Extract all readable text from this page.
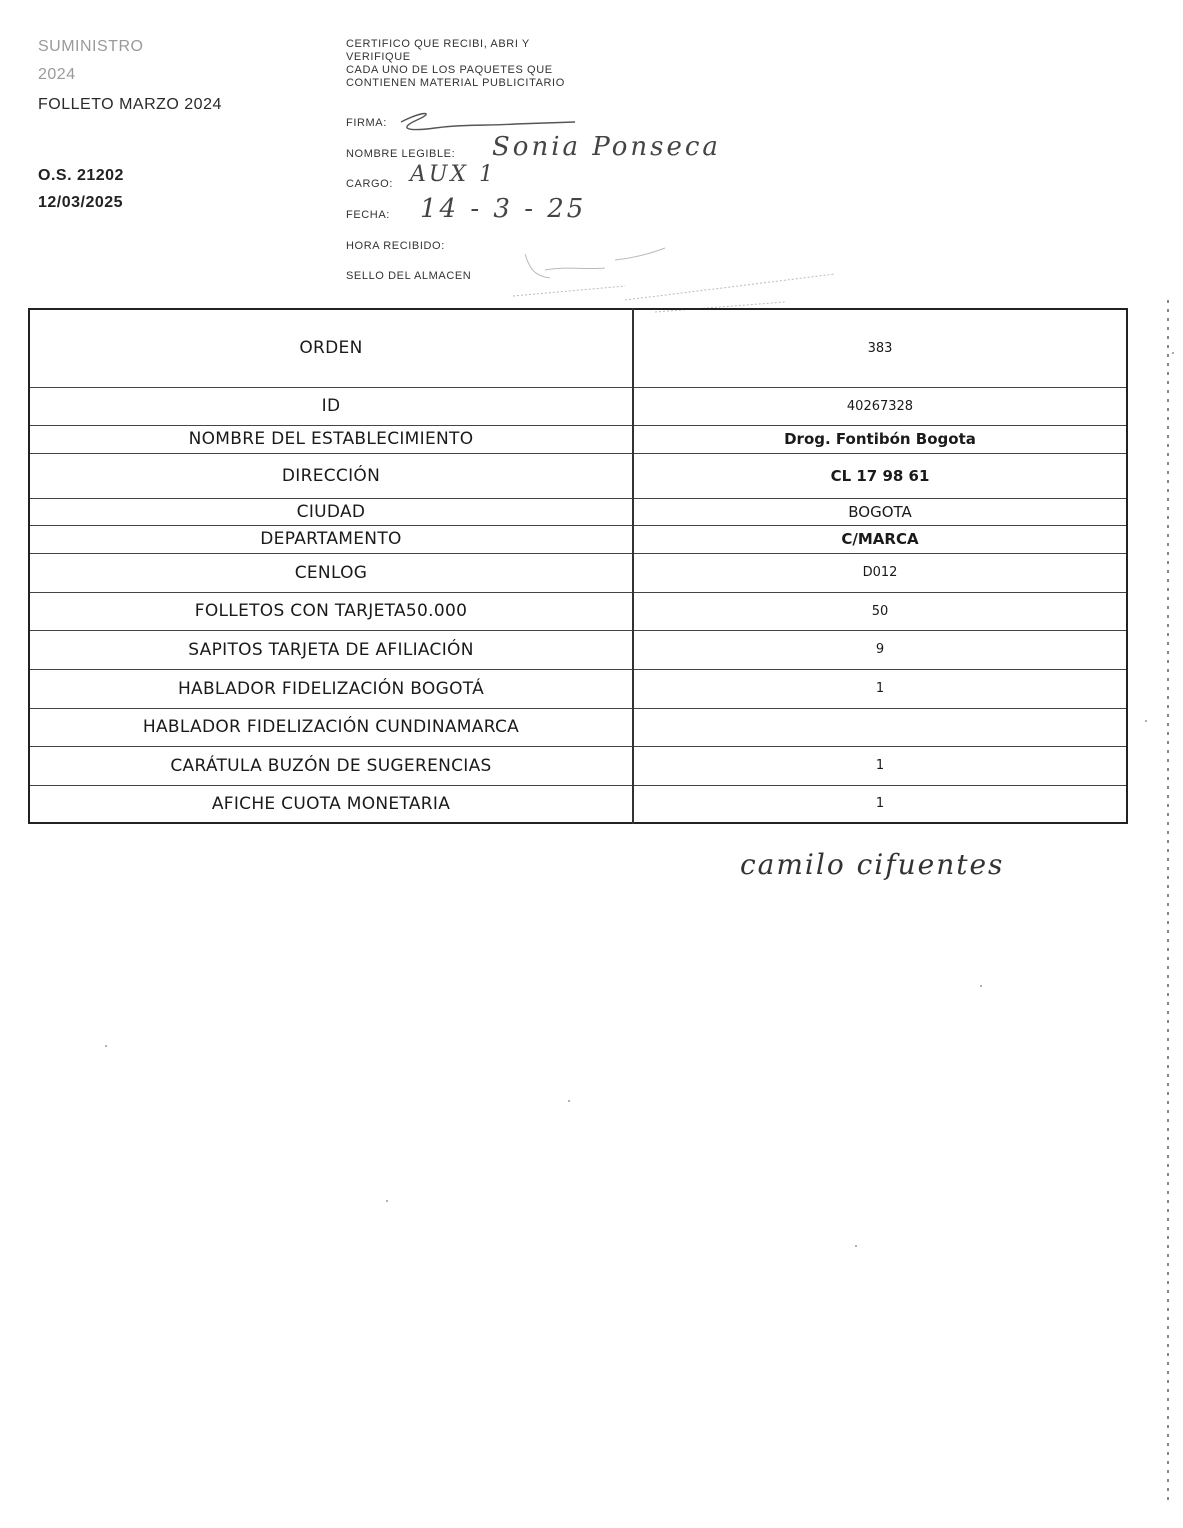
SUMINISTRO
2024
FOLLETO MARZO 2024
O.S. 21202
12/03/2025
CERTIFICO QUE RECIBI, ABRI Y
VERIFIQUE
CADA UNO DE LOS PAQUETES QUE
CONTIENEN MATERIAL PUBLICITARIO
FIRMA:
NOMBRE LEGIBLE: Sonia Ponseca
CARGO: AUX 1
FECHA: 14 - 3 - 25
HORA RECIBIDO:
SELLO DEL ALMACEN
ORDEN	383
ID	40267328
NOMBRE DEL ESTABLECIMIENTO	Drog. Fontibón Bogota
DIRECCIÓN	CL 17 98 61
CIUDAD	BOGOTA
DEPARTAMENTO	C/MARCA
CENLOG	D012
FOLLETOS CON TARJETA50.000	50
SAPITOS TARJETA DE AFILIACIÓN	9
HABLADOR FIDELIZACIÓN BOGOTÁ	1
HABLADOR FIDELIZACIÓN CUNDINAMARCA	
CARÁTULA BUZÓN DE SUGERENCIAS	1
AFICHE CUOTA MONETARIA	1
camilo cifuentes
